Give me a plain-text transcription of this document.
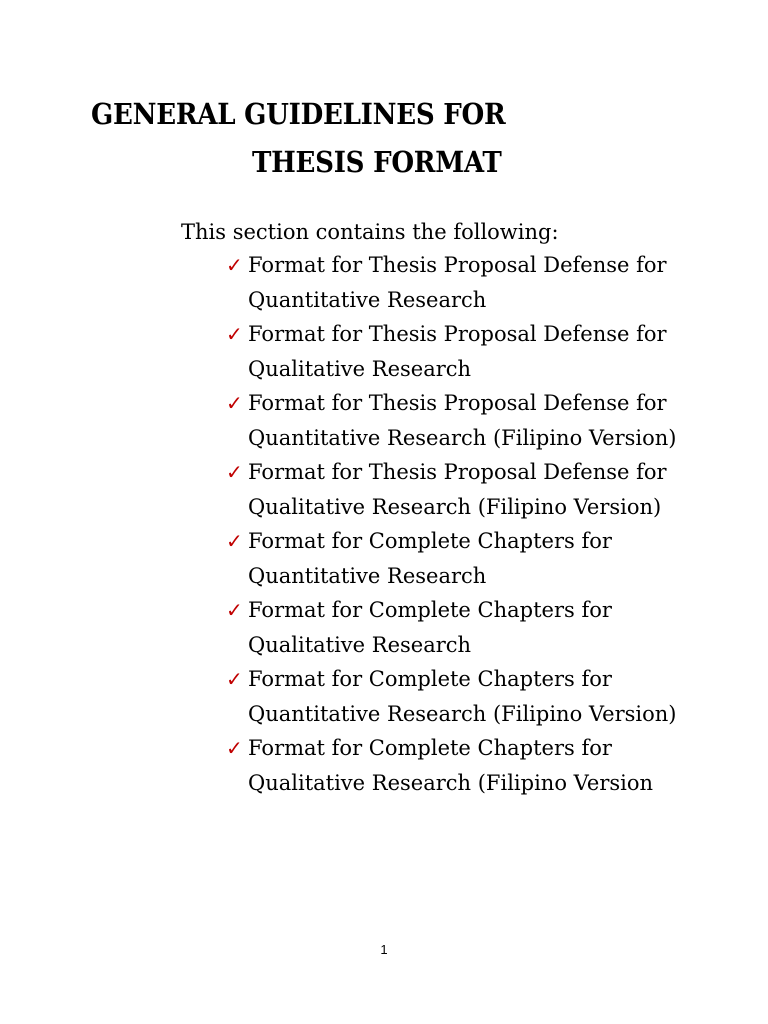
GENERAL GUIDELINES FOR
THESIS FORMAT

This section contains the following:

✓ Format for Thesis Proposal Defense for Quantitative Research
✓ Format for Thesis Proposal Defense for Qualitative Research
✓ Format for Thesis Proposal Defense for Quantitative Research (Filipino Version)
✓ Format for Thesis Proposal Defense for Qualitative Research (Filipino Version)
✓ Format for Complete Chapters for Quantitative Research
✓ Format for Complete Chapters for Qualitative Research
✓ Format for Complete Chapters for Quantitative Research (Filipino Version)
✓ Format for Complete Chapters for Qualitative Research (Filipino Version
1
